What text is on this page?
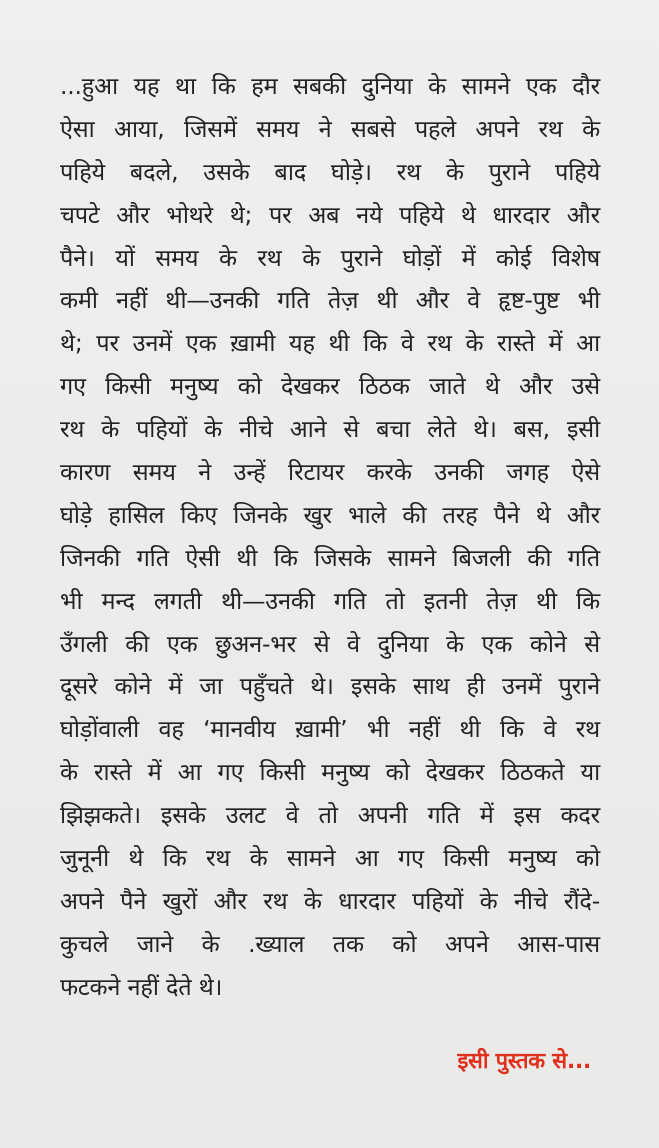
...हुआ यह था कि हम सबकी दुनिया के सामने एक दौर
ऐसा आया, जिसमें समय ने सबसे पहले अपने रथ के
पहिये बदले, उसके बाद घोड़े। रथ के पुराने पहिये
चपटे और भोथरे थे; पर अब नये पहिये थे धारदार और
पैने। यों समय के रथ के पुराने घोड़ों में कोई विशेष
कमी नहीं थी—उनकी गति तेज़ थी और वे हृष्ट-पुष्ट भी
थे; पर उनमें एक ख़ामी यह थी कि वे रथ के रास्ते में आ
गए किसी मनुष्य को देखकर ठिठक जाते थे और उसे
रथ के पहियों के नीचे आने से बचा लेते थे। बस, इसी
कारण समय ने उन्हें रिटायर करके उनकी जगह ऐसे
घोड़े हासिल किए जिनके खुर भाले की तरह पैने थे और
जिनकी गति ऐसी थी कि जिसके सामने बिजली की गति
भी मन्द लगती थी—उनकी गति तो इतनी तेज़ थी कि
उँगली की एक छुअन-भर से वे दुनिया के एक कोने से
दूसरे कोने में जा पहुँचते थे। इसके साथ ही उनमें पुराने
घोड़ोंवाली वह ‘मानवीय ख़ामी’ भी नहीं थी कि वे रथ
के रास्ते में आ गए किसी मनुष्य को देखकर ठिठकते या
झिझकते। इसके उलट वे तो अपनी गति में इस कदर
जुनूनी थे कि रथ के सामने आ गए किसी मनुष्य को
अपने पैने खुरों और रथ के धारदार पहियों के नीचे रौंदे-
कुचले जाने के .ख्याल तक को अपने आस-पास
फटकने नहीं देते थे।
इसी पुस्तक से...
